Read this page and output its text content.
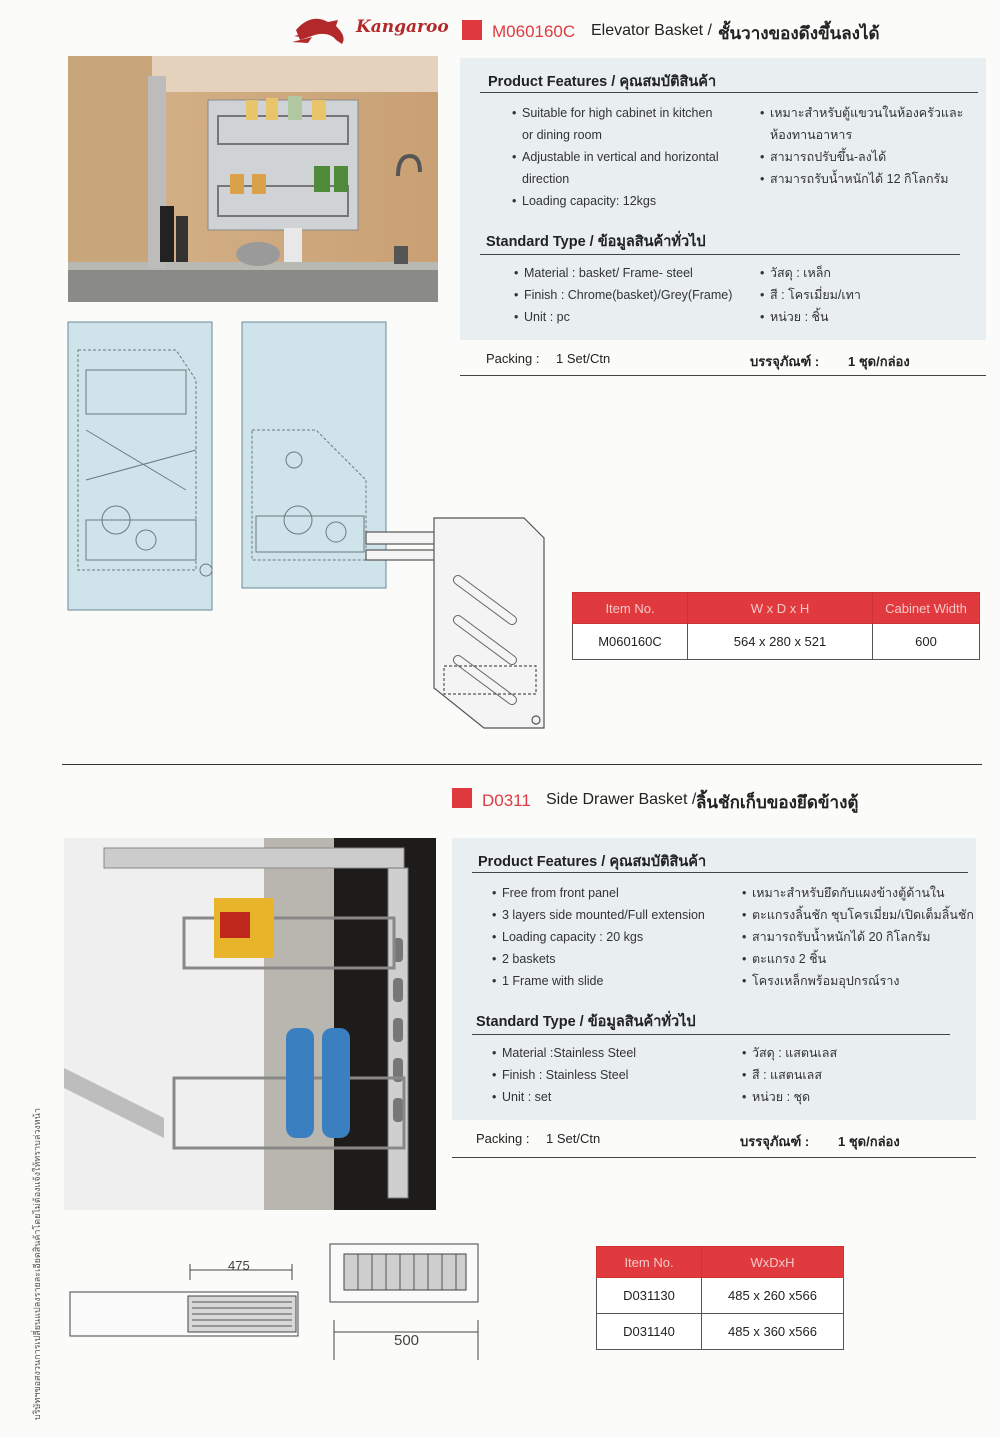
Kangaroo	M060160C Elevator Basket / ชั้นวางของดึงขึ้นลงได้
Product Features / คุณสมบัติสินค้า
• Suitable for high cabinet in kitchen
or dining room
• Adjustable in vertical and horizontal
direction
• Loading capacity: 12kgs
• เหมาะสำหรับตู้แขวนในห้องครัวและ
ห้องทานอาหาร
• สามารถปรับขึ้น-ลงได้
• สามารถรับน้ำหนักได้ 12 กิโลกรัม
Standard Type / ข้อมูลสินค้าทั่วไป
• Material : basket/ Frame- steel
• Finish : Chrome(basket)/Grey(Frame)
• Unit : pc
• วัสดุ : เหล็ก
• สี : โครเมี่ยม/เทา
• หน่วย : ชิ้น
Packing : 1 Set/Ctn	บรรจุภัณฑ์ : 1 ชุด/กล่อง
Item No.	W x D x H	Cabinet Width
M060160C	564 x 280 x 521	600
D0311 Side Drawer Basket / ลิ้นชักเก็บของยึดข้างตู้
475
500
Product Features / คุณสมบัติสินค้า
• Free from front panel
• 3 layers side mounted/Full extension
• Loading capacity : 20 kgs
• 2 baskets
• 1 Frame with slide
• เหมาะสำหรับยึดกับแผงข้างตู้ด้านใน
• ตะแกรงลิ้นชัก ชุบโครเมี่ยม/เปิดเต็มลิ้นชัก
• สามารถรับน้ำหนักได้ 20 กิโลกรัม
• ตะแกรง 2 ชิ้น
• โครงเหล็กพร้อมอุปกรณ์ราง
Standard Type / ข้อมูลสินค้าทั่วไป
• Material :Stainless Steel
• Finish : Stainless Steel
• Unit : set
• วัสดุ : แสตนเลส
• สี : แสตนเลส
• หน่วย : ชุด
Packing : 1 Set/Ctn	บรรจุภัณฑ์ : 1 ชุด/กล่อง
Item No.	WxDxH
D031130	485 x 260 x566
D031140	485 x 360 x566
บริษัทฯขอสงวนการเปลี่ยนแปลงรายละเอียดสินค้าโดยไม่ต้องแจ้งให้ทราบล่วงหน้า
